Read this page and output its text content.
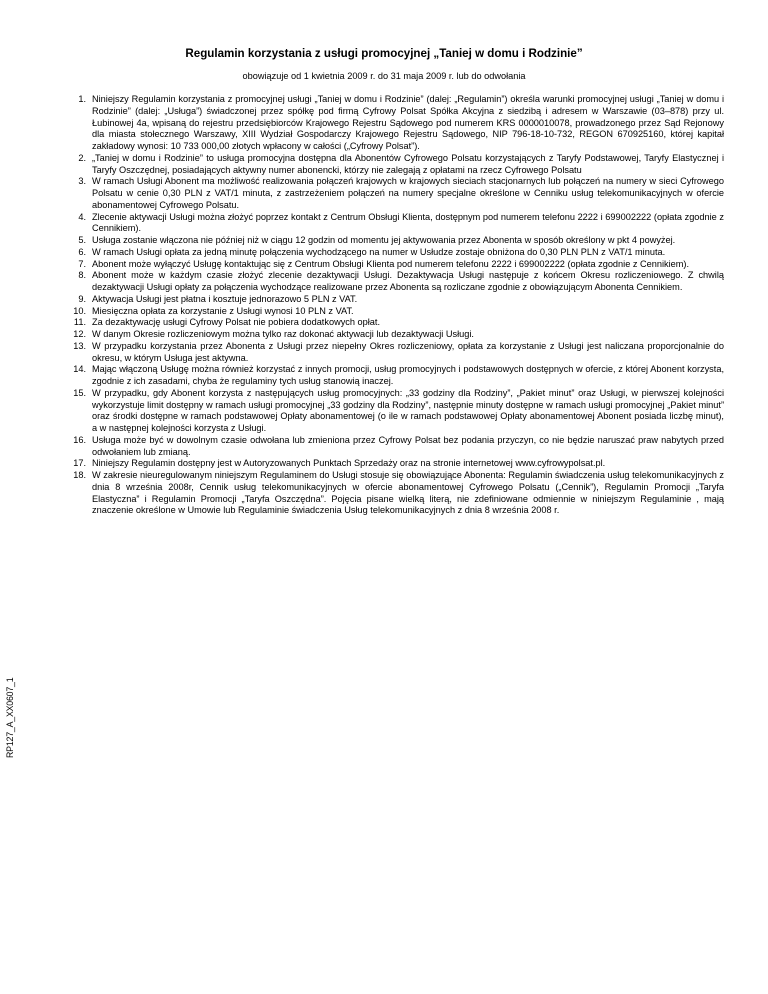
Regulamin korzystania z usługi promocyjnej „Taniej w domu i Rodzinie”
obowiązuje od 1 kwietnia 2009 r. do 31 maja 2009 r. lub do odwołania
1. Niniejszy Regulamin korzystania z promocyjnej usługi „Taniej w domu i Rodzinie” (dalej: „Regulamin”) określa warunki promocyjnej usługi „Taniej w domu i Rodzinie” (dalej: „Usługa”) świadczonej przez spółkę pod firmą Cyfrowy Polsat Spółka Akcyjna z siedzibą i adresem w Warszawie (03–878) przy ul. Łubinowej 4a, wpisaną do rejestru przedsiębiorców Krajowego Rejestru Sądowego pod numerem KRS 0000010078, prowadzonego przez Sąd Rejonowy dla miasta stołecznego Warszawy, XIII Wydział Gospodarczy Krajowego Rejestru Sądowego, NIP 796-18-10-732, REGON 670925160, której kapitał zakładowy wynosi: 10 733 000,00 złotych wpłacony w całości („Cyfrowy Polsat”).
2. „Taniej w domu i Rodzinie” to usługa promocyjna dostępna dla Abonentów Cyfrowego Polsatu korzystających z Taryfy Podstawowej, Taryfy Elastycznej i Taryfy Oszczędnej, posiadających aktywny numer abonencki, którzy nie zalegają z opłatami na rzecz Cyfrowego Polsatu
3. W ramach Usługi Abonent ma możliwość realizowania połączeń krajowych w krajowych sieciach stacjonarnych lub połączeń na numery w sieci Cyfrowego Polsatu w cenie 0,30 PLN z VAT/1 minuta, z zastrzeżeniem połączeń na numery specjalne określone w Cenniku usług telekomunikacyjnych w ofercie abonamentowej Cyfrowego Polsatu.
4. Zlecenie aktywacji Usługi można złożyć poprzez kontakt z Centrum Obsługi Klienta, dostępnym pod numerem telefonu 2222 i 699002222 (opłata zgodnie z Cennikiem).
5. Usługa zostanie włączona nie później niż w ciągu 12 godzin od momentu jej aktywowania przez Abonenta w sposób określony w pkt 4 powyżej.
6. W ramach Usługi opłata za jedną minutę połączenia wychodzącego na numer w Usłudze zostaje obniżona do 0,30 PLN PLN z VAT/1 minuta.
7. Abonent może wyłączyć Usługę kontaktując się z Centrum Obsługi Klienta pod numerem telefonu 2222 i 699002222 (opłata zgodnie z Cennikiem).
8. Abonent może w każdym czasie złożyć zlecenie dezaktywacji Usługi. Dezaktywacja Usługi następuje z końcem Okresu rozliczeniowego. Z chwilą dezaktywacji Usługi opłaty za połączenia wychodzące realizowane przez Abonenta są rozliczane zgodnie z obowiązującym Abonenta Cennikiem.
9. Aktywacja Usługi jest płatna i kosztuje jednorazowo 5 PLN z VAT.
10. Miesięczna opłata za korzystanie z Usługi wynosi 10 PLN z VAT.
11. Za dezaktywację usługi Cyfrowy Polsat nie pobiera dodatkowych opłat.
12. W danym Okresie rozliczeniowym można tylko raz dokonać aktywacji lub dezaktywacji Usługi.
13. W przypadku korzystania przez Abonenta z Usługi przez niepełny Okres rozliczeniowy, opłata za korzystanie z Usługi jest naliczana proporcjonalnie do okresu, w którym Usługa jest aktywna.
14. Mając włączoną Usługę można również korzystać z innych promocji, usług promocyjnych i podstawowych dostępnych w ofercie, z której Abonent korzysta, zgodnie z ich zasadami, chyba że regulaminy tych usług stanowią inaczej.
15. W przypadku, gdy Abonent korzysta z następujących usług promocyjnych: „33 godziny dla Rodziny”, „Pakiet minut” oraz Usługi, w pierwszej kolejności wykorzystuje limit dostępny w ramach usługi promocyjnej „33 godziny dla Rodziny”, następnie minuty dostępne w ramach usługi promocyjnej „Pakiet minut” oraz środki dostępne w ramach podstawowej Opłaty abonamentowej (o ile w ramach podstawowej Opłaty abonamentowej Abonent posiada liczbę minut), a w następnej kolejności korzysta z Usługi.
16. Usługa może być w dowolnym czasie odwołana lub zmieniona przez Cyfrowy Polsat bez podania przyczyn, co nie będzie naruszać praw nabytych przed odwołaniem lub zmianą.
17. Niniejszy Regulamin dostępny jest w Autoryzowanych Punktach Sprzedaży oraz na stronie internetowej www.cyfrowypolsat.pl.
18. W zakresie nieuregulowanym niniejszym Regulaminem do Usługi stosuje się obowiązujące Abonenta: Regulamin świadczenia usług telekomunikacyjnych z dnia 8 września 2008r, Cennik usług telekomunikacyjnych w ofercie abonamentowej Cyfrowego Polsatu („Cennik”), Regulamin Promocji „Taryfa Elastyczna” i Regulamin Promocji „Taryfa Oszczędna”. Pojęcia pisane wielką literą, nie zdefiniowane odmiennie w niniejszym Regulaminie , mają znaczenie określone w Umowie lub Regulaminie świadczenia Usług telekomunikacyjnych z dnia 8 września 2008 r.
RP127_A_XX0607_1
